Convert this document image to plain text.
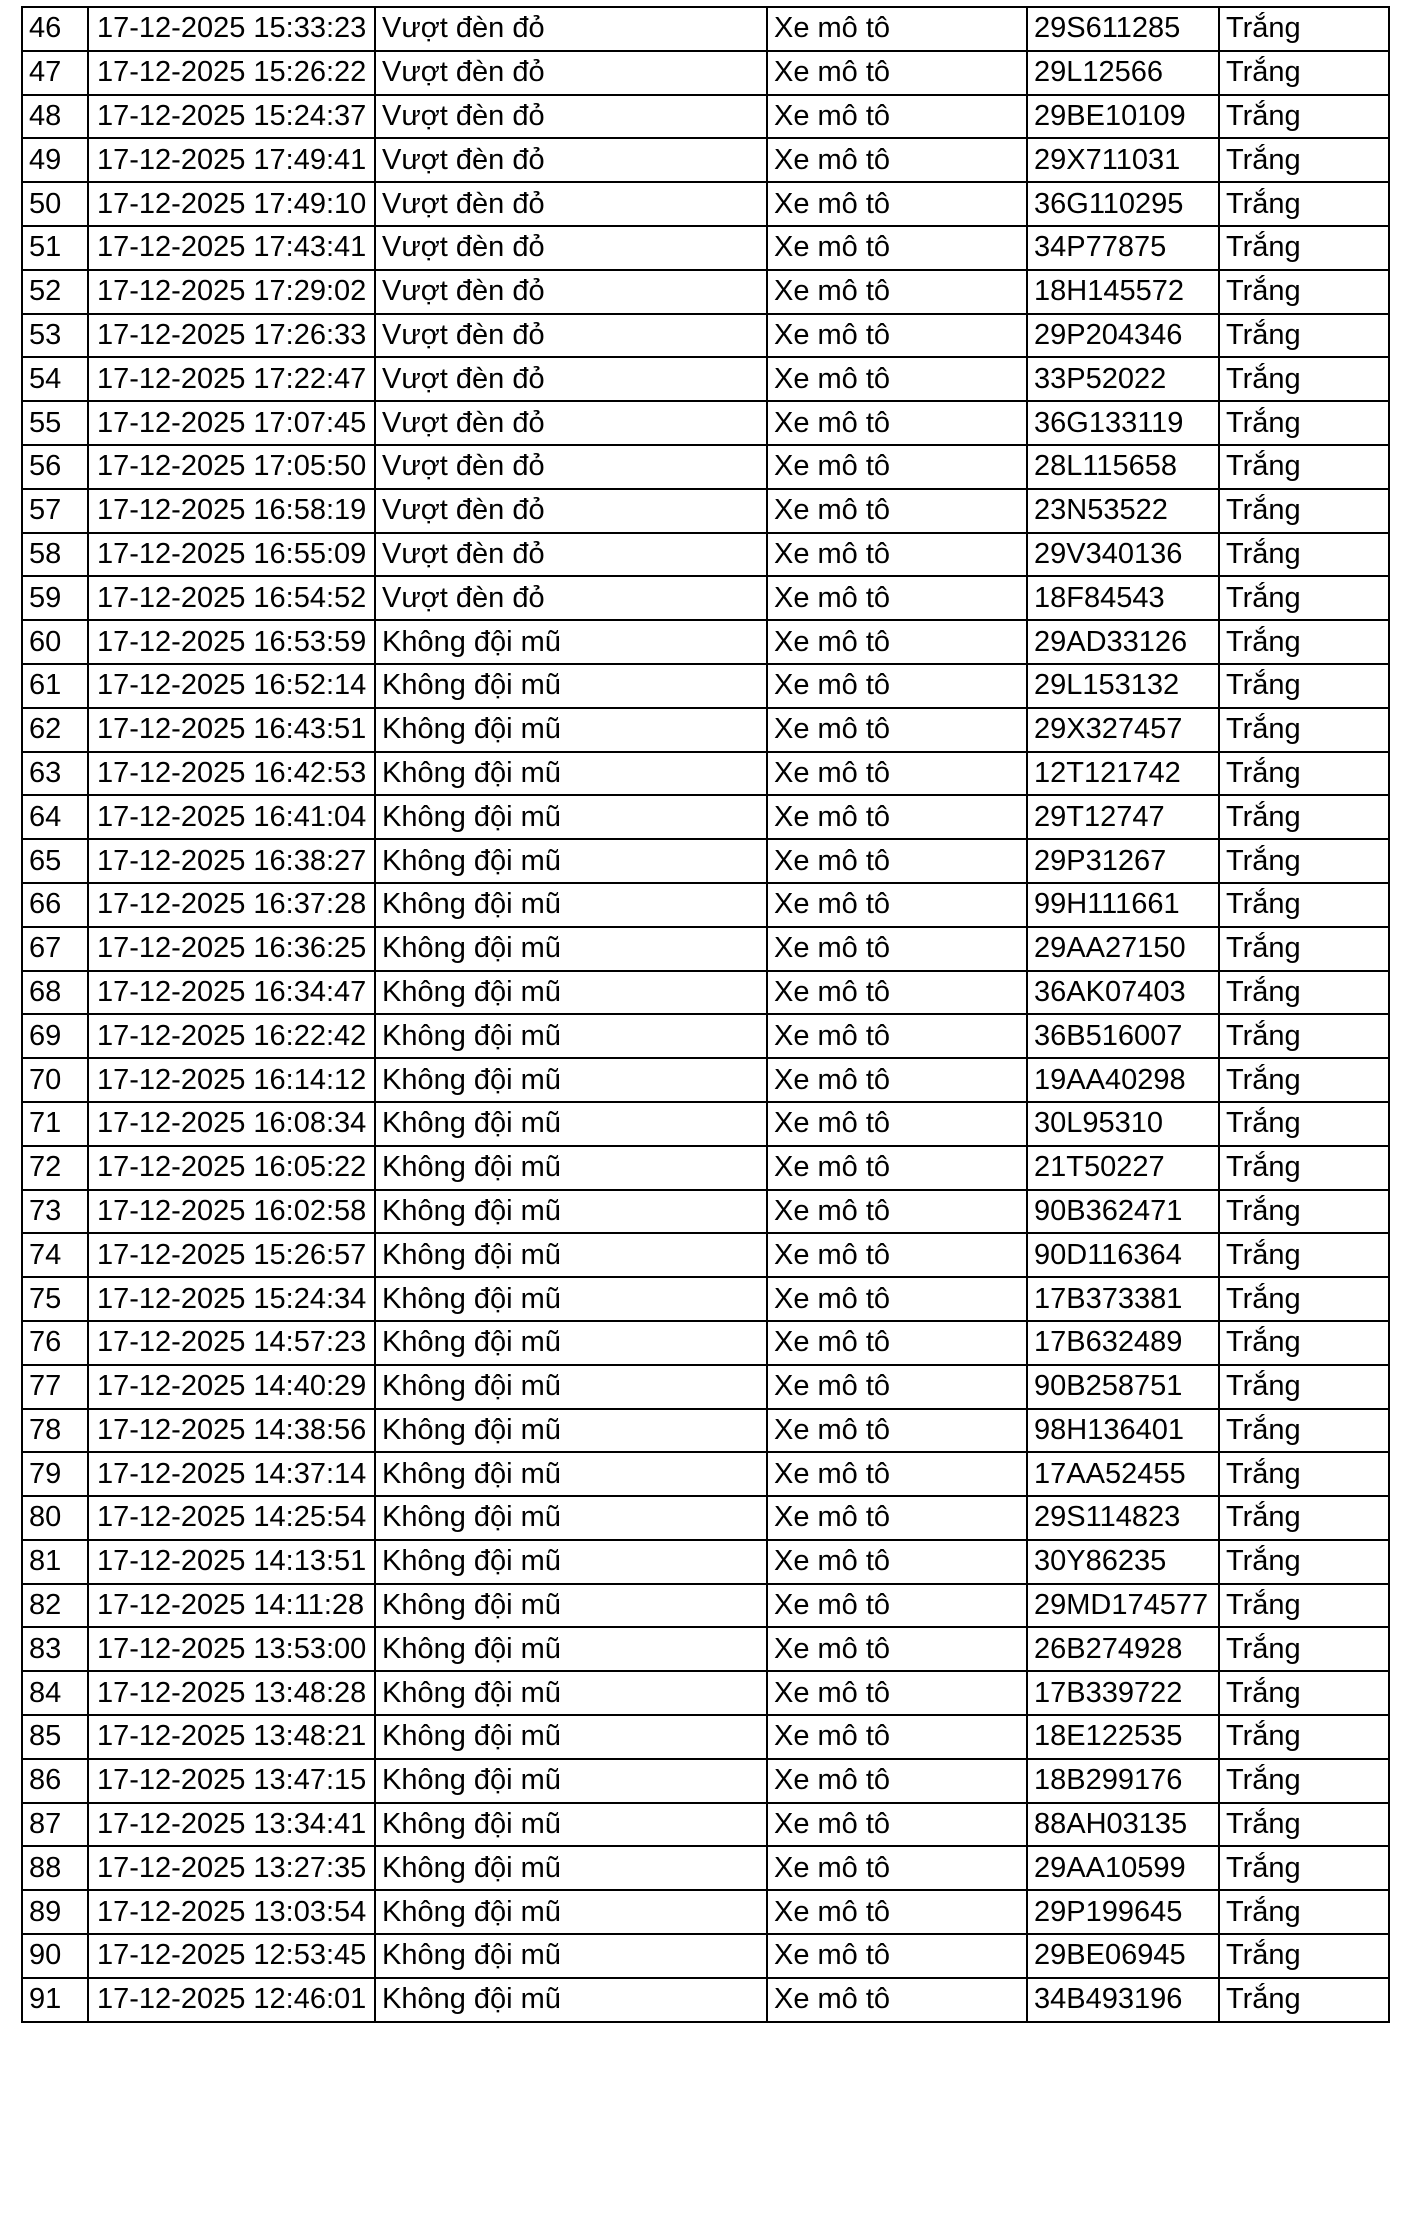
46	17-12-2025 15:33:23	Vượt đèn đỏ	Xe mô tô	29S611285	Trắng
47	17-12-2025 15:26:22	Vượt đèn đỏ	Xe mô tô	29L12566	Trắng
48	17-12-2025 15:24:37	Vượt đèn đỏ	Xe mô tô	29BE10109	Trắng
49	17-12-2025 17:49:41	Vượt đèn đỏ	Xe mô tô	29X711031	Trắng
50	17-12-2025 17:49:10	Vượt đèn đỏ	Xe mô tô	36G110295	Trắng
51	17-12-2025 17:43:41	Vượt đèn đỏ	Xe mô tô	34P77875	Trắng
52	17-12-2025 17:29:02	Vượt đèn đỏ	Xe mô tô	18H145572	Trắng
53	17-12-2025 17:26:33	Vượt đèn đỏ	Xe mô tô	29P204346	Trắng
54	17-12-2025 17:22:47	Vượt đèn đỏ	Xe mô tô	33P52022	Trắng
55	17-12-2025 17:07:45	Vượt đèn đỏ	Xe mô tô	36G133119	Trắng
56	17-12-2025 17:05:50	Vượt đèn đỏ	Xe mô tô	28L115658	Trắng
57	17-12-2025 16:58:19	Vượt đèn đỏ	Xe mô tô	23N53522	Trắng
58	17-12-2025 16:55:09	Vượt đèn đỏ	Xe mô tô	29V340136	Trắng
59	17-12-2025 16:54:52	Vượt đèn đỏ	Xe mô tô	18F84543	Trắng
60	17-12-2025 16:53:59	Không đội mũ	Xe mô tô	29AD33126	Trắng
61	17-12-2025 16:52:14	Không đội mũ	Xe mô tô	29L153132	Trắng
62	17-12-2025 16:43:51	Không đội mũ	Xe mô tô	29X327457	Trắng
63	17-12-2025 16:42:53	Không đội mũ	Xe mô tô	12T121742	Trắng
64	17-12-2025 16:41:04	Không đội mũ	Xe mô tô	29T12747	Trắng
65	17-12-2025 16:38:27	Không đội mũ	Xe mô tô	29P31267	Trắng
66	17-12-2025 16:37:28	Không đội mũ	Xe mô tô	99H111661	Trắng
67	17-12-2025 16:36:25	Không đội mũ	Xe mô tô	29AA27150	Trắng
68	17-12-2025 16:34:47	Không đội mũ	Xe mô tô	36AK07403	Trắng
69	17-12-2025 16:22:42	Không đội mũ	Xe mô tô	36B516007	Trắng
70	17-12-2025 16:14:12	Không đội mũ	Xe mô tô	19AA40298	Trắng
71	17-12-2025 16:08:34	Không đội mũ	Xe mô tô	30L95310	Trắng
72	17-12-2025 16:05:22	Không đội mũ	Xe mô tô	21T50227	Trắng
73	17-12-2025 16:02:58	Không đội mũ	Xe mô tô	90B362471	Trắng
74	17-12-2025 15:26:57	Không đội mũ	Xe mô tô	90D116364	Trắng
75	17-12-2025 15:24:34	Không đội mũ	Xe mô tô	17B373381	Trắng
76	17-12-2025 14:57:23	Không đội mũ	Xe mô tô	17B632489	Trắng
77	17-12-2025 14:40:29	Không đội mũ	Xe mô tô	90B258751	Trắng
78	17-12-2025 14:38:56	Không đội mũ	Xe mô tô	98H136401	Trắng
79	17-12-2025 14:37:14	Không đội mũ	Xe mô tô	17AA52455	Trắng
80	17-12-2025 14:25:54	Không đội mũ	Xe mô tô	29S114823	Trắng
81	17-12-2025 14:13:51	Không đội mũ	Xe mô tô	30Y86235	Trắng
82	17-12-2025 14:11:28	Không đội mũ	Xe mô tô	29MD174577	Trắng
83	17-12-2025 13:53:00	Không đội mũ	Xe mô tô	26B274928	Trắng
84	17-12-2025 13:48:28	Không đội mũ	Xe mô tô	17B339722	Trắng
85	17-12-2025 13:48:21	Không đội mũ	Xe mô tô	18E122535	Trắng
86	17-12-2025 13:47:15	Không đội mũ	Xe mô tô	18B299176	Trắng
87	17-12-2025 13:34:41	Không đội mũ	Xe mô tô	88AH03135	Trắng
88	17-12-2025 13:27:35	Không đội mũ	Xe mô tô	29AA10599	Trắng
89	17-12-2025 13:03:54	Không đội mũ	Xe mô tô	29P199645	Trắng
90	17-12-2025 12:53:45	Không đội mũ	Xe mô tô	29BE06945	Trắng
91	17-12-2025 12:46:01	Không đội mũ	Xe mô tô	34B493196	Trắng
